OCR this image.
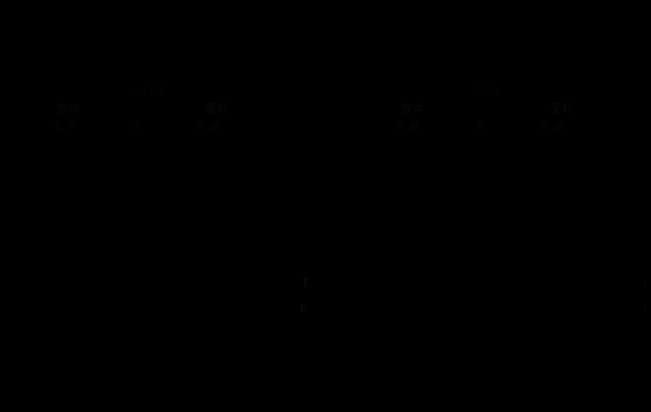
中文系統
智冰
狀 申	求
愛好
沛 沫
設定中
智本
狀 擬	求
愛好
沛 沫
T
F
|
|
